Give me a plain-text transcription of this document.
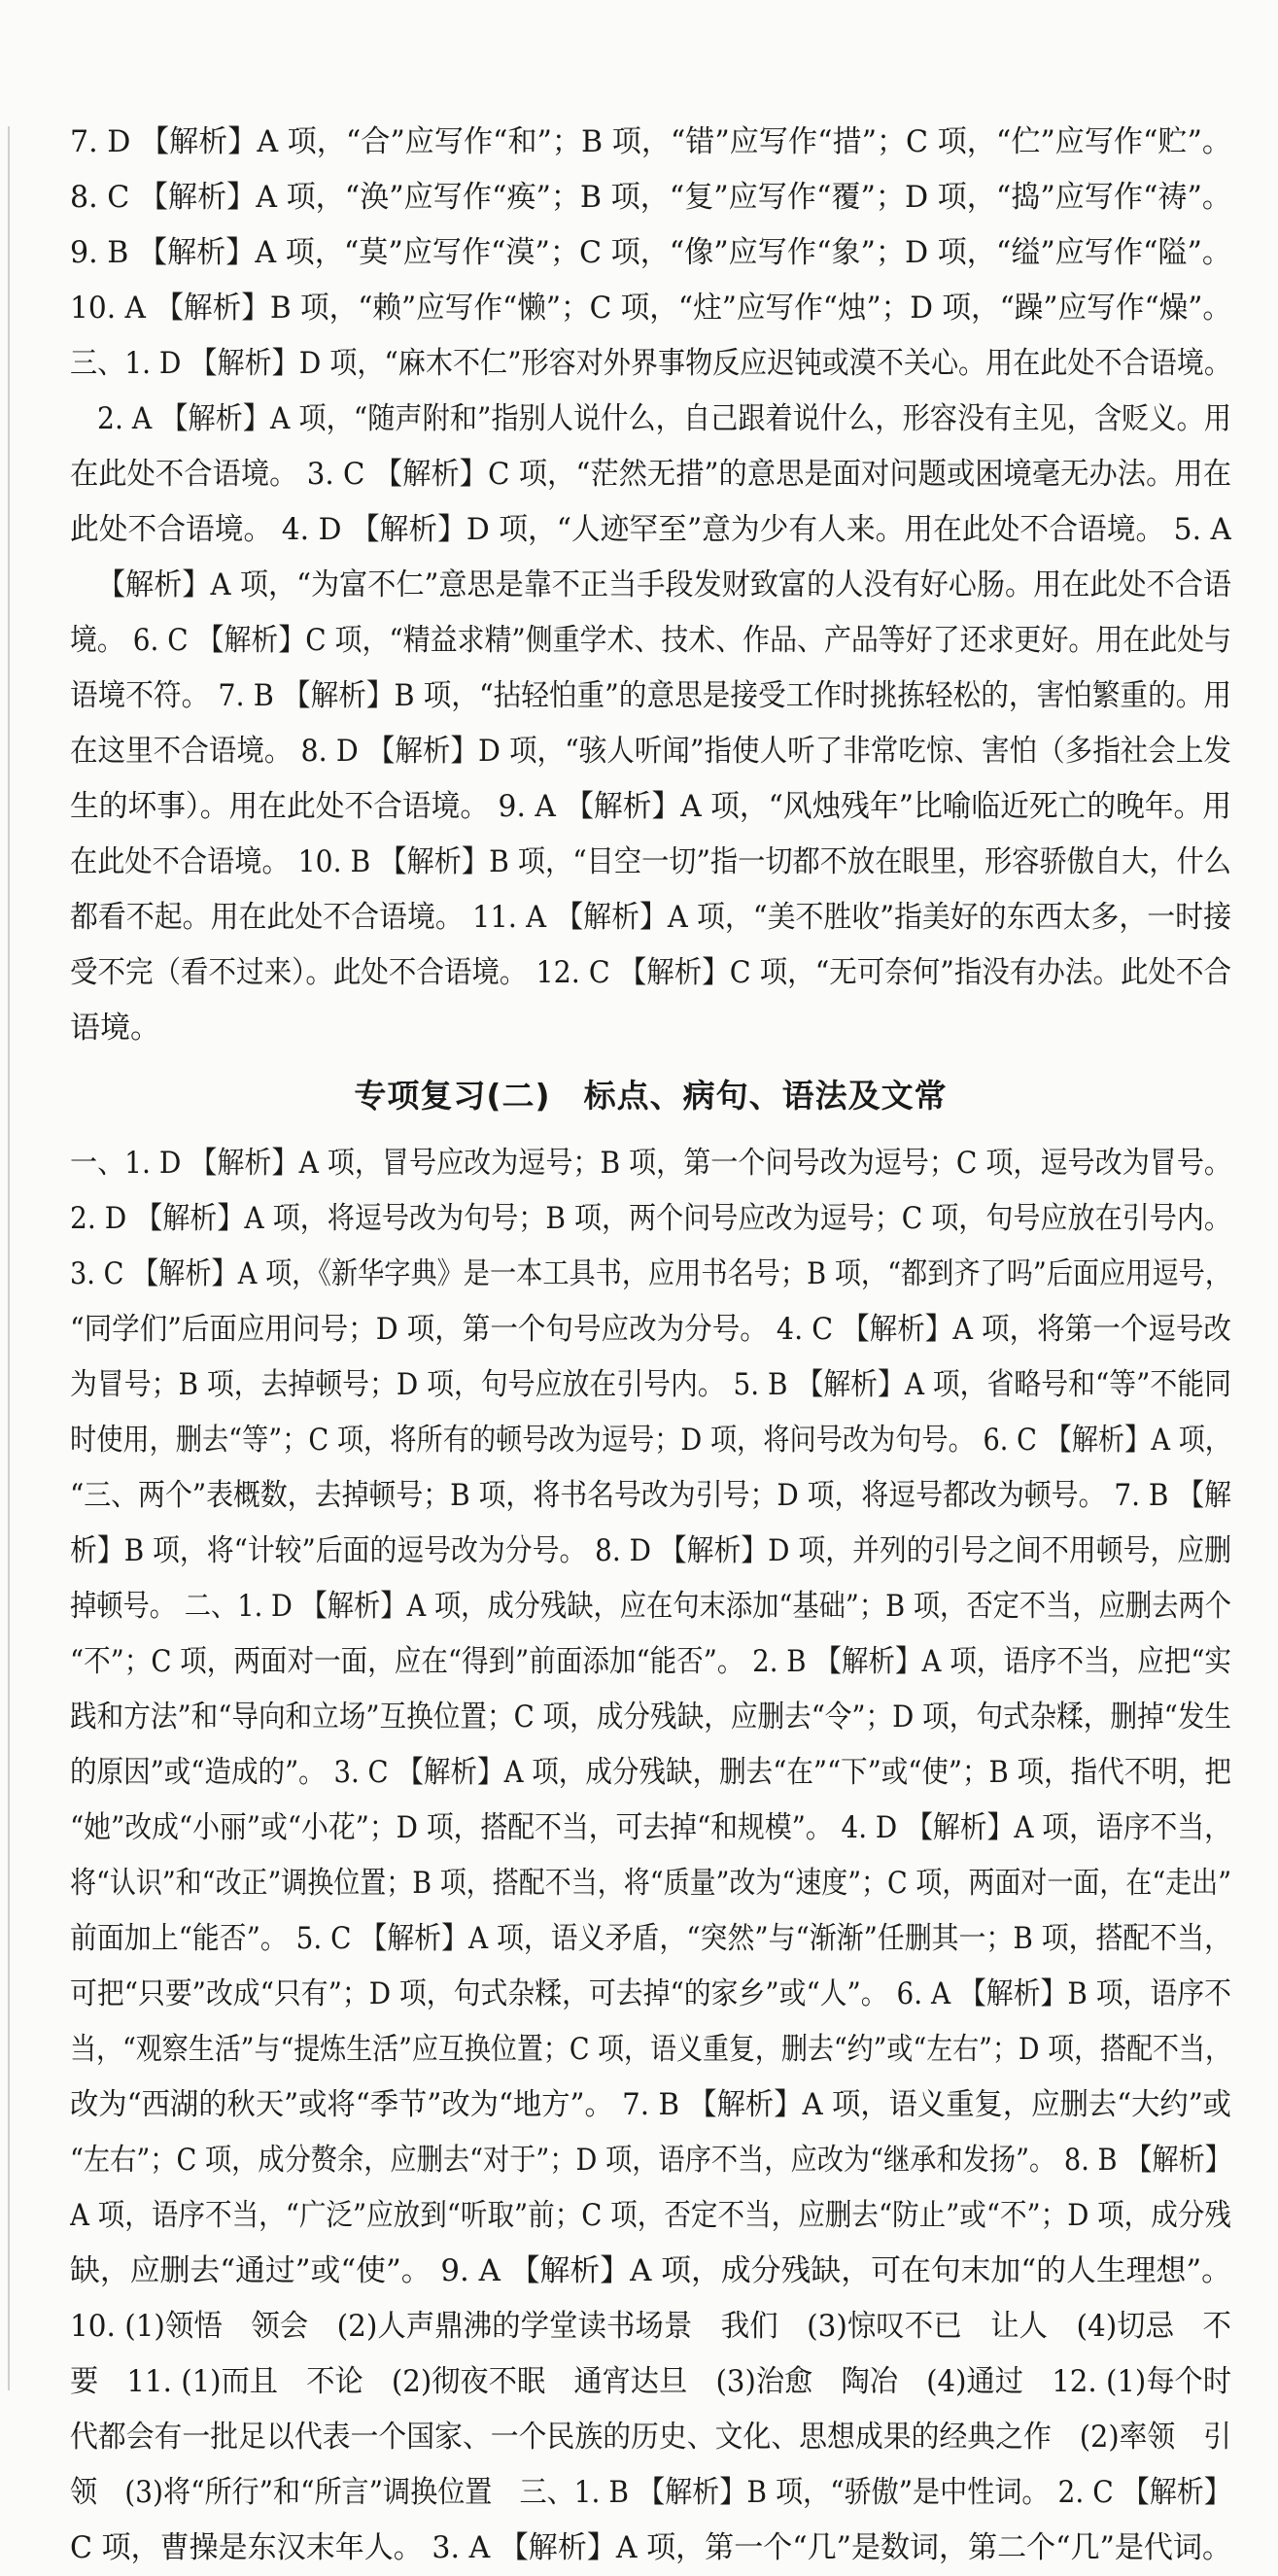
7. D 【解析】A 项，“合”应写作“和”；B 项，“错”应写作“措”；C 项，“伫”应写作“贮”。
8. C 【解析】A 项，“涣”应写作“痪”；B 项，“复”应写作“覆”；D 项，“捣”应写作“祷”。
9. B 【解析】A 项，“莫”应写作“漠”；C 项，“像”应写作“象”；D 项，“缢”应写作“隘”。
10. A 【解析】B 项，“赖”应写作“懒”；C 项，“炷”应写作“烛”；D 项，“躁”应写作“燥”。
三、1. D 【解析】D 项，“麻木不仁”形容对外界事物反应迟钝或漠不关心。用在此处不合语境。
2. A 【解析】A 项，“随声附和”指别人说什么，自己跟着说什么，形容没有主见，含贬义。用
在此处不合语境。 3. C 【解析】C 项，“茫然无措”的意思是面对问题或困境毫无办法。用在
此处不合语境。 4. D 【解析】D 项，“人迹罕至”意为少有人来。用在此处不合语境。 5. A
【解析】A 项，“为富不仁”意思是靠不正当手段发财致富的人没有好心肠。用在此处不合语
境。 6. C 【解析】C 项，“精益求精”侧重学术、技术、作品、产品等好了还求更好。用在此处与
语境不符。 7. B 【解析】B 项，“拈轻怕重”的意思是接受工作时挑拣轻松的，害怕繁重的。用
在这里不合语境。 8. D 【解析】D 项，“骇人听闻”指使人听了非常吃惊、害怕（多指社会上发
生的坏事）。用在此处不合语境。 9. A 【解析】A 项，“风烛残年”比喻临近死亡的晚年。用
在此处不合语境。 10. B 【解析】B 项，“目空一切”指一切都不放在眼里，形容骄傲自大，什么
都看不起。用在此处不合语境。 11. A 【解析】A 项，“美不胜收”指美好的东西太多，一时接
受不完（看不过来）。此处不合语境。 12. C 【解析】C 项，“无可奈何”指没有办法。此处不合
语境。
专项复习(二)　标点、病句、语法及文常
一、1. D 【解析】A 项，冒号应改为逗号；B 项，第一个问号改为逗号；C 项，逗号改为冒号。
2. D 【解析】A 项，将逗号改为句号；B 项，两个问号应改为逗号；C 项，句号应放在引号内。
3. C 【解析】A 项，《新华字典》是一本工具书，应用书名号；B 项，“都到齐了吗”后面应用逗号，
“同学们”后面应用问号；D 项，第一个句号应改为分号。 4. C 【解析】A 项，将第一个逗号改
为冒号；B 项，去掉顿号；D 项，句号应放在引号内。 5. B 【解析】A 项，省略号和“等”不能同
时使用，删去“等”；C 项，将所有的顿号改为逗号；D 项，将问号改为句号。 6. C 【解析】A 项，
“三、两个”表概数，去掉顿号；B 项，将书名号改为引号；D 项，将逗号都改为顿号。 7. B 【解
析】B 项，将“计较”后面的逗号改为分号。 8. D 【解析】D 项，并列的引号之间不用顿号，应删
掉顿号。 二、1. D 【解析】A 项，成分残缺，应在句末添加“基础”；B 项，否定不当，应删去两个
“不”；C 项，两面对一面，应在“得到”前面添加“能否”。 2. B 【解析】A 项，语序不当，应把“实
践和方法”和“导向和立场”互换位置；C 项，成分残缺，应删去“令”；D 项，句式杂糅，删掉“发生
的原因”或“造成的”。 3. C 【解析】A 项，成分残缺，删去“在”“下”或“使”；B 项，指代不明，把
“她”改成“小丽”或“小花”；D 项，搭配不当，可去掉“和规模”。 4. D 【解析】A 项，语序不当，
将“认识”和“改正”调换位置；B 项，搭配不当，将“质量”改为“速度”；C 项，两面对一面，在“走出”
前面加上“能否”。 5. C 【解析】A 项，语义矛盾，“突然”与“渐渐”任删其一；B 项，搭配不当，
可把“只要”改成“只有”；D 项，句式杂糅，可去掉“的家乡”或“人”。 6. A 【解析】B 项，语序不
当，“观察生活”与“提炼生活”应互换位置；C 项，语义重复，删去“约”或“左右”；D 项，搭配不当，
改为“西湖的秋天”或将“季节”改为“地方”。 7. B 【解析】A 项，语义重复，应删去“大约”或
“左右”；C 项，成分赘余，应删去“对于”；D 项，语序不当，应改为“继承和发扬”。 8. B 【解析】
A 项，语序不当，“广泛”应放到“听取”前；C 项，否定不当，应删去“防止”或“不”；D 项，成分残
缺，应删去“通过”或“使”。 9. A 【解析】A 项，成分残缺，可在句末加“的人生理想”。
10. (1)领悟　领会　(2)人声鼎沸的学堂读书场景　我们　(3)惊叹不已　让人　(4)切忌　不
要　11. (1)而且　不论　(2)彻夜不眠　通宵达旦　(3)治愈　陶冶　(4)通过　12. (1)每个时
代都会有一批足以代表一个国家、一个民族的历史、文化、思想成果的经典之作　(2)率领　引
领　(3)将“所行”和“所言”调换位置　三、1. B 【解析】B 项，“骄傲”是中性词。 2. C 【解析】
C 项，曹操是东汉末年人。 3. A 【解析】A 项，第一个“几”是数词，第二个“几”是代词。
